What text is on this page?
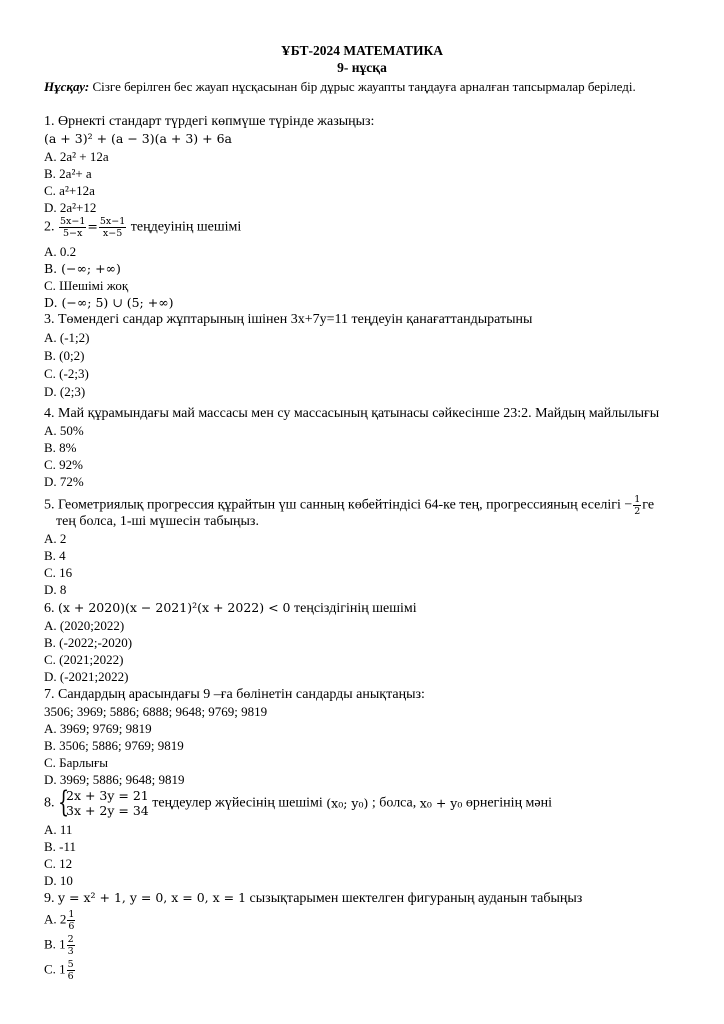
ҰБТ-2024 МАТЕМАТИКА
9- нұсқа
Нұсқау: Сізге берілген бес жауап нұсқасынан бір дұрыс жауапты таңдауға арналған тапсырмалар беріледі.
1. Өрнекті стандарт түрдегі көпмүше түрінде жазыңыз:
(a + 3)² + (a − 3)(a + 3) + 6a
A. 2a² + 12a
B. 2a²+ a
C. a²+12a
D. 2a²+12
2. $\frac{5x-1}{5-x} = \frac{5x-1}{x-5}$ теңдеуінің шешімі
A. 0.2
B. (−∞; +∞)
C. Шешімі жоқ
D. (−∞; 5) ∪ (5; +∞)
3. Төмендегі сандар жұптарының ішінен 3x+7y=11 теңдеуін қанағаттандыратыны
A. (-1;2)
B. (0;2)
C. (-2;3)
D. (2;3)
4. Май құрамындағы май массасы мен су массасының қатынасы сәйкесінше 23:2. Майдың майлылығы
A. 50%
B. 8%
C. 92%
D. 72%
5. Геометриялық прогрессия құрайтын үш санның көбейтіндісі 64-ке тең, прогрессияның еселігі − $\frac{1}{2}$ ге
тең болса, 1-ші мүшесін табыңыз.
A. 2
B. 4
C. 16
D. 8
6. (x + 2020)(x − 2021)²(x + 2022) < 0 теңсіздігінің шешімі
A. (2020;2022)
B. (-2022;-2020)
C. (2021;2022)
D. (-2021;2022)
7. Сандардың арасындағы 9 –ға бөлінетін сандарды анықтаңыз:
3506; 3969; 5886; 6888; 9648; 9769; 9819
A. 3969; 9769; 9819
B. 3506; 5886; 9769; 9819
C. Барлығы
D. 3969; 5886; 9648; 9819
8. {
2x + 3y = 21
3x + 2y = 34 теңдеулер жүйесінің шешімі (x₀; y₀) ; болса, x₀ + y₀ өрнегінің мәні
A. 11
B. -11
C. 12
D. 10
9. y = x² + 1, y = 0, x = 0, x = 1 сызықтарымен шектелген фигураның ауданын табыңыз
A. $2 \frac{1}{6}$
B. $1 \frac{2}{3}$
C. $1 \frac{5}{6}$
